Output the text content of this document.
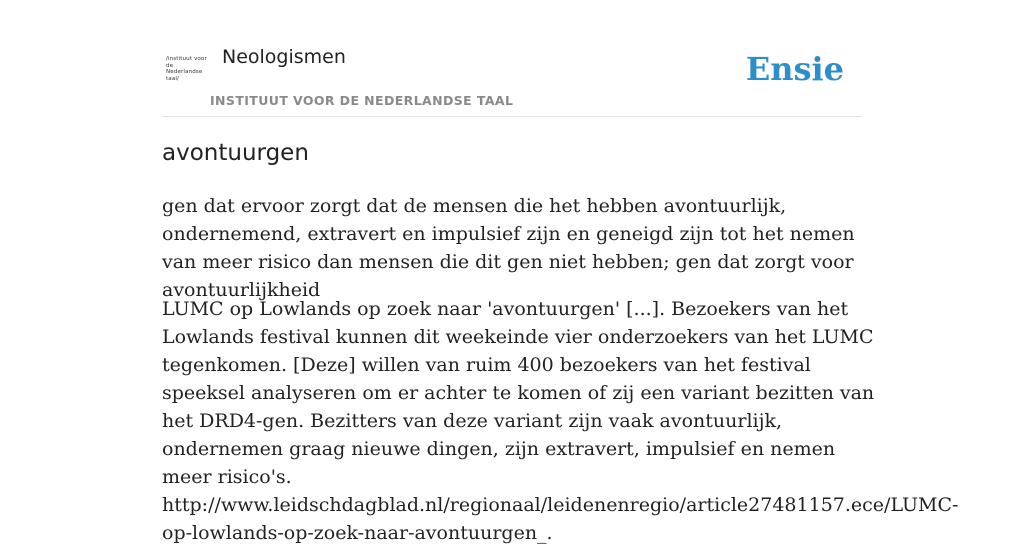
/instituut voor de Nederlandse taal/
Neologismen
INSTITUUT VOOR DE NEDERLANDSE TAAL
Ensie
avontuurgen

gen dat ervoor zorgt dat de mensen die het hebben avontuurlijk, ondernemend, extravert en impulsief zijn en geneigd zijn tot het nemen van meer risico dan mensen die dit gen niet hebben; gen dat zorgt voor avontuurlijkheid

LUMC op Lowlands op zoek naar 'avontuurgen' [...]. Bezoekers van het Lowlands festival kunnen dit weekeinde vier onderzoekers van het LUMC tegenkomen. [Deze] willen van ruim 400 bezoekers van het festival speeksel analyseren om er achter te komen of zij een variant bezitten van het DRD4-gen. Bezitters van deze variant zijn vaak avontuurlijk, ondernemen graag nieuwe dingen, zijn extravert, impulsief en nemen meer risico's.
http://www.leidschdagblad.nl/regionaal/leidenenregio/article27481157.ece/LUMC-op-lowlands-op-zoek-naar-avontuurgen_.
